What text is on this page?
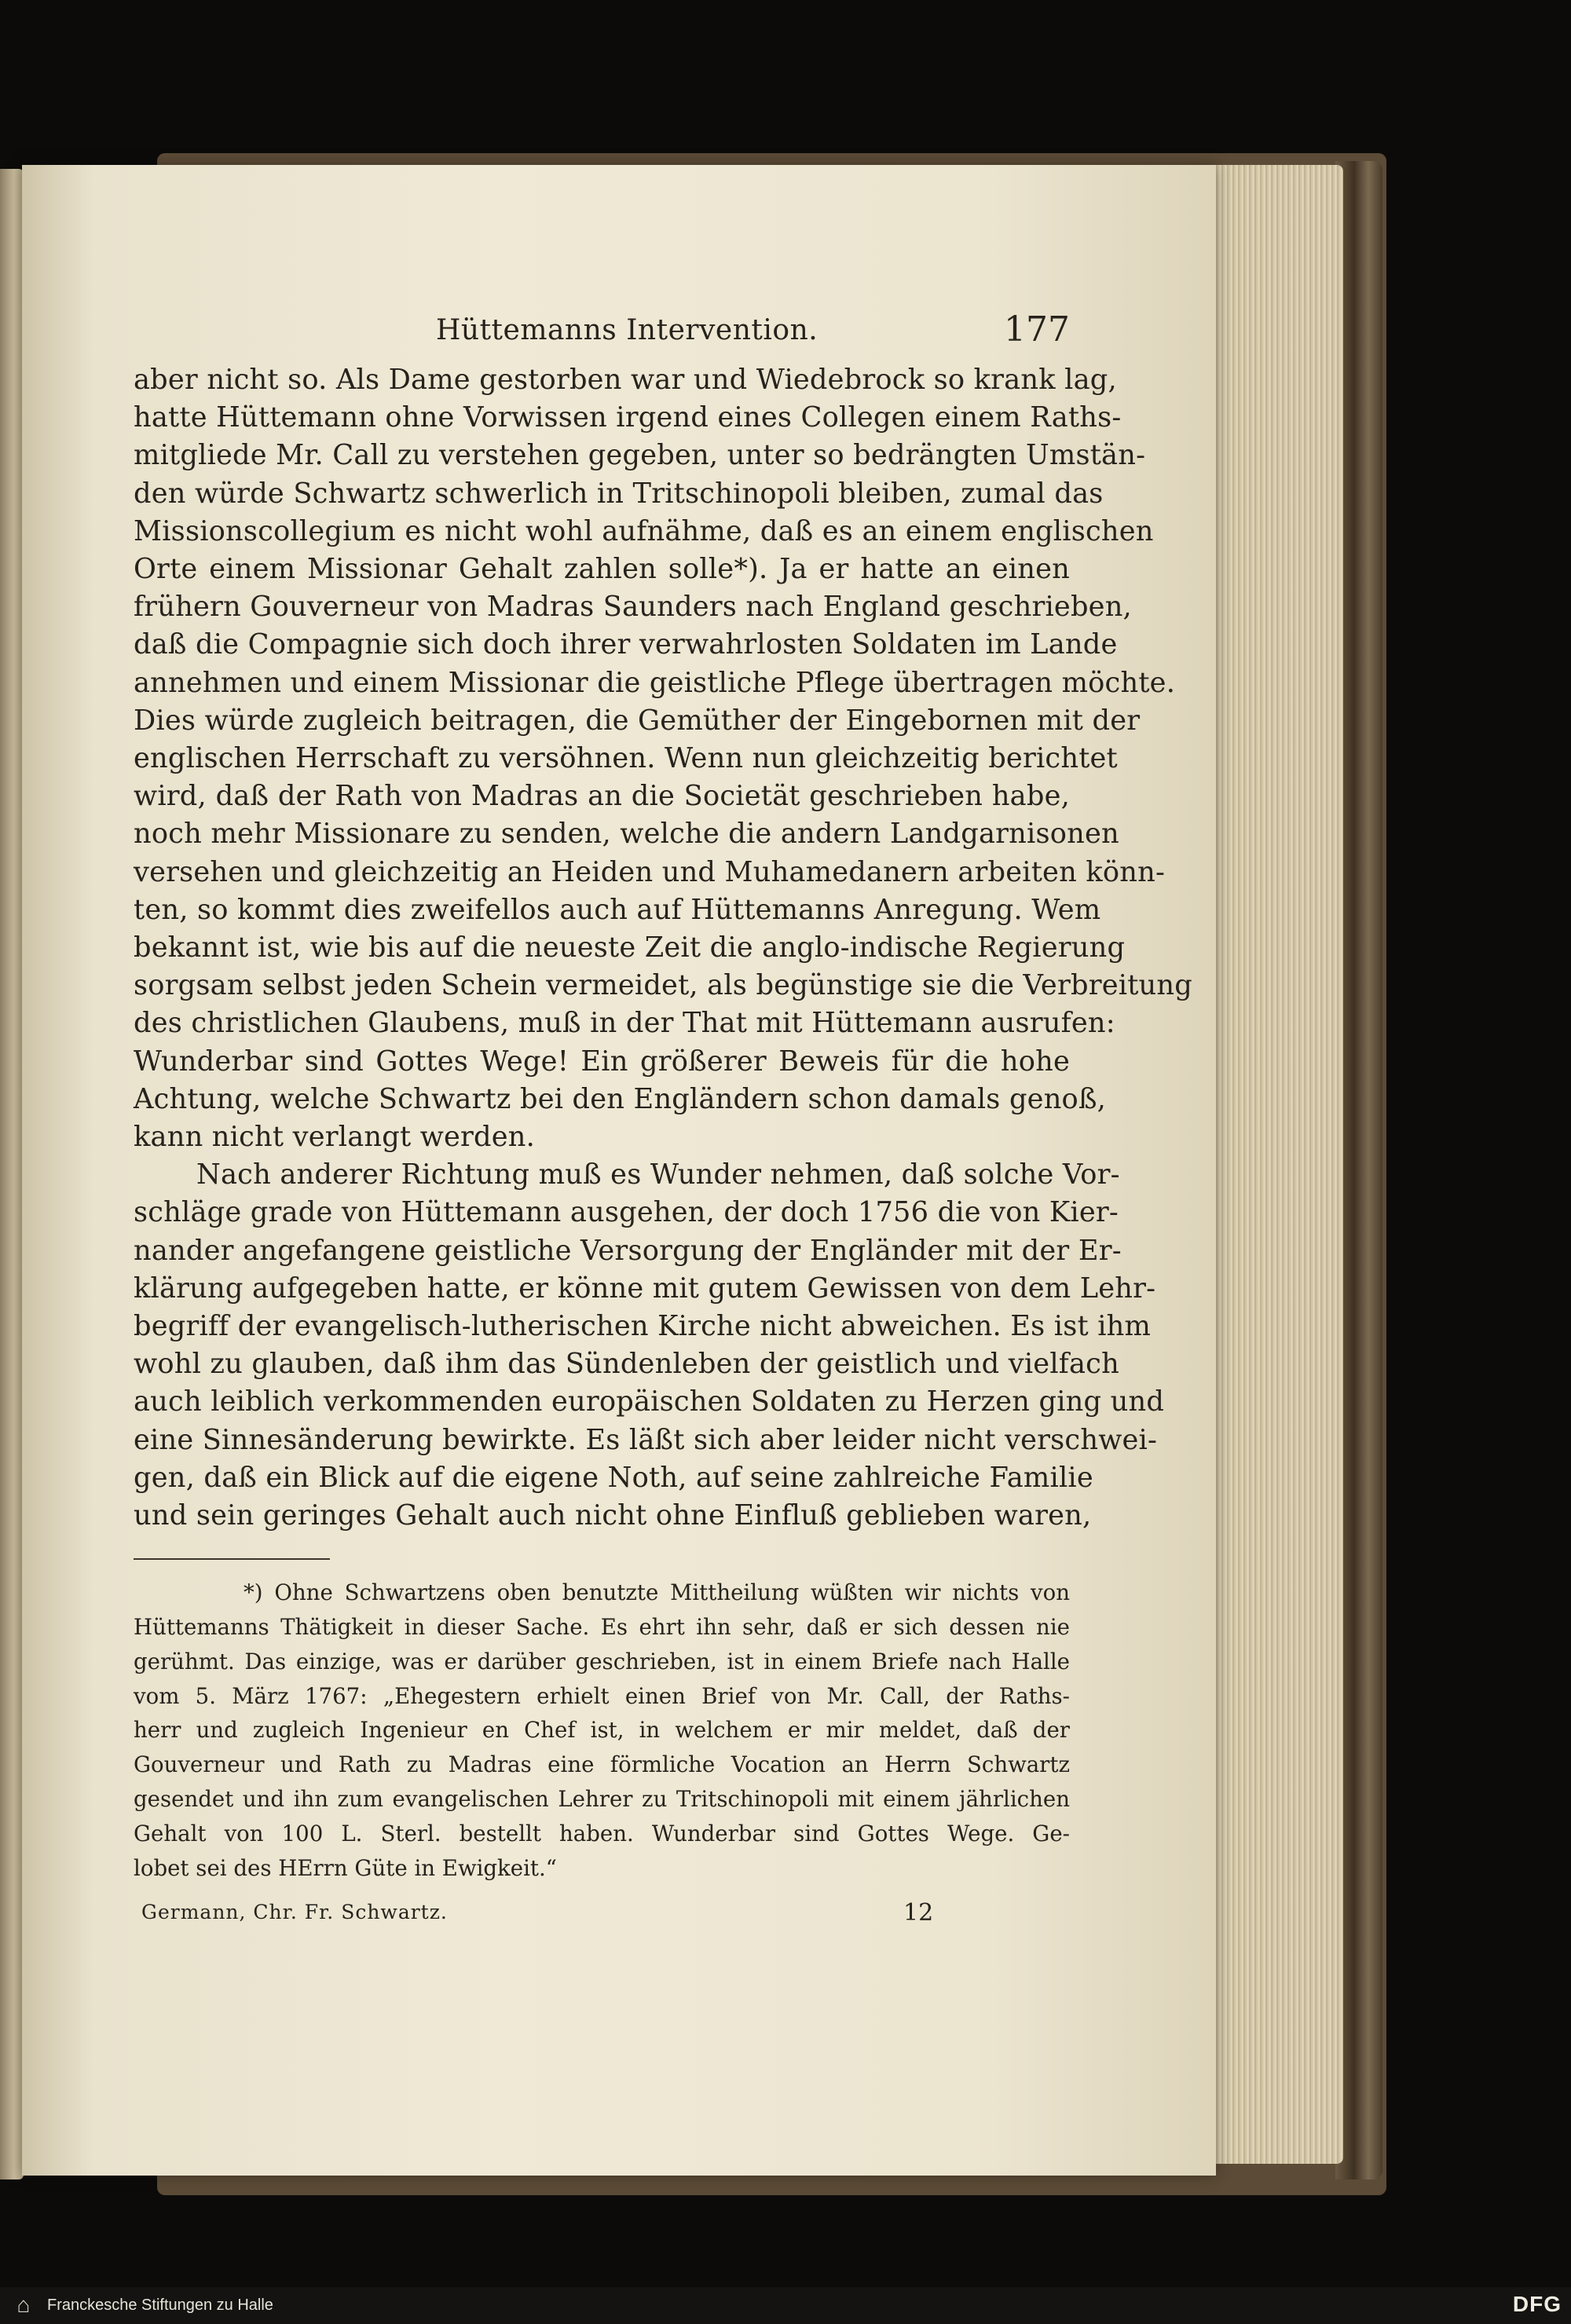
Hüttemanns Intervention.	177

aber nicht so. Als Dame gestorben war und Wiedebrock so krank lag,

hatte Hüttemann ohne Vorwissen irgend eines Collegen einem Raths-

mitgliede Mr. Call zu verstehen gegeben, unter so bedrängten Umstän-

den würde Schwartz schwerlich in Tritschinopoli bleiben, zumal das

Missionscollegium es nicht wohl aufnähme, daß es an einem englischen

Orte einem Missionar Gehalt zahlen solle*). Ja er hatte an einen

frühern Gouverneur von Madras Saunders nach England geschrieben,

daß die Compagnie sich doch ihrer verwahrlosten Soldaten im Lande

annehmen und einem Missionar die geistliche Pflege übertragen möchte.

Dies würde zugleich beitragen, die Gemüther der Eingebornen mit der

englischen Herrschaft zu versöhnen. Wenn nun gleichzeitig berichtet

wird, daß der Rath von Madras an die Societät geschrieben habe,

noch mehr Missionare zu senden, welche die andern Landgarnisonen

versehen und gleichzeitig an Heiden und Muhamedanern arbeiten könn-

ten, so kommt dies zweifellos auch auf Hüttemanns Anregung. Wem

bekannt ist, wie bis auf die neueste Zeit die anglo-indische Regierung

sorgsam selbst jeden Schein vermeidet, als begünstige sie die Verbreitung

des christlichen Glaubens, muß in der That mit Hüttemann ausrufen:

Wunderbar sind Gottes Wege! Ein größerer Beweis für die hohe

Achtung, welche Schwartz bei den Engländern schon damals genoß,

kann nicht verlangt werden.

Nach anderer Richtung muß es Wunder nehmen, daß solche Vor-

schläge grade von Hüttemann ausgehen, der doch 1756 die von Kier-

nander angefangene geistliche Versorgung der Engländer mit der Er-

klärung aufgegeben hatte, er könne mit gutem Gewissen von dem Lehr-

begriff der evangelisch-lutherischen Kirche nicht abweichen. Es ist ihm

wohl zu glauben, daß ihm das Sündenleben der geistlich und vielfach

auch leiblich verkommenden europäischen Soldaten zu Herzen ging und

eine Sinnesänderung bewirkte. Es läßt sich aber leider nicht verschwei-

gen, daß ein Blick auf die eigene Noth, auf seine zahlreiche Familie

und sein geringes Gehalt auch nicht ohne Einfluß geblieben waren,

*) Ohne Schwartzens oben benutzte Mittheilung wüßten wir nichts von

Hüttemanns Thätigkeit in dieser Sache. Es ehrt ihn sehr, daß er sich dessen nie

gerühmt. Das einzige, was er darüber geschrieben, ist in einem Briefe nach Halle

vom 5. März 1767: „Ehegestern erhielt einen Brief von Mr. Call, der Raths-

herr und zugleich Ingenieur en Chef ist, in welchem er mir meldet, daß der

Gouverneur und Rath zu Madras eine förmliche Vocation an Herrn Schwartz

gesendet und ihn zum evangelischen Lehrer zu Tritschinopoli mit einem jährlichen

Gehalt von 100 L. Sterl. bestellt haben. Wunderbar sind Gottes Wege. Ge-

lobet sei des HErrn Güte in Ewigkeit.“

Germann, Chr. Fr. Schwartz.	12
⌂	Franckesche Stiftungen zu Halle	DFG
